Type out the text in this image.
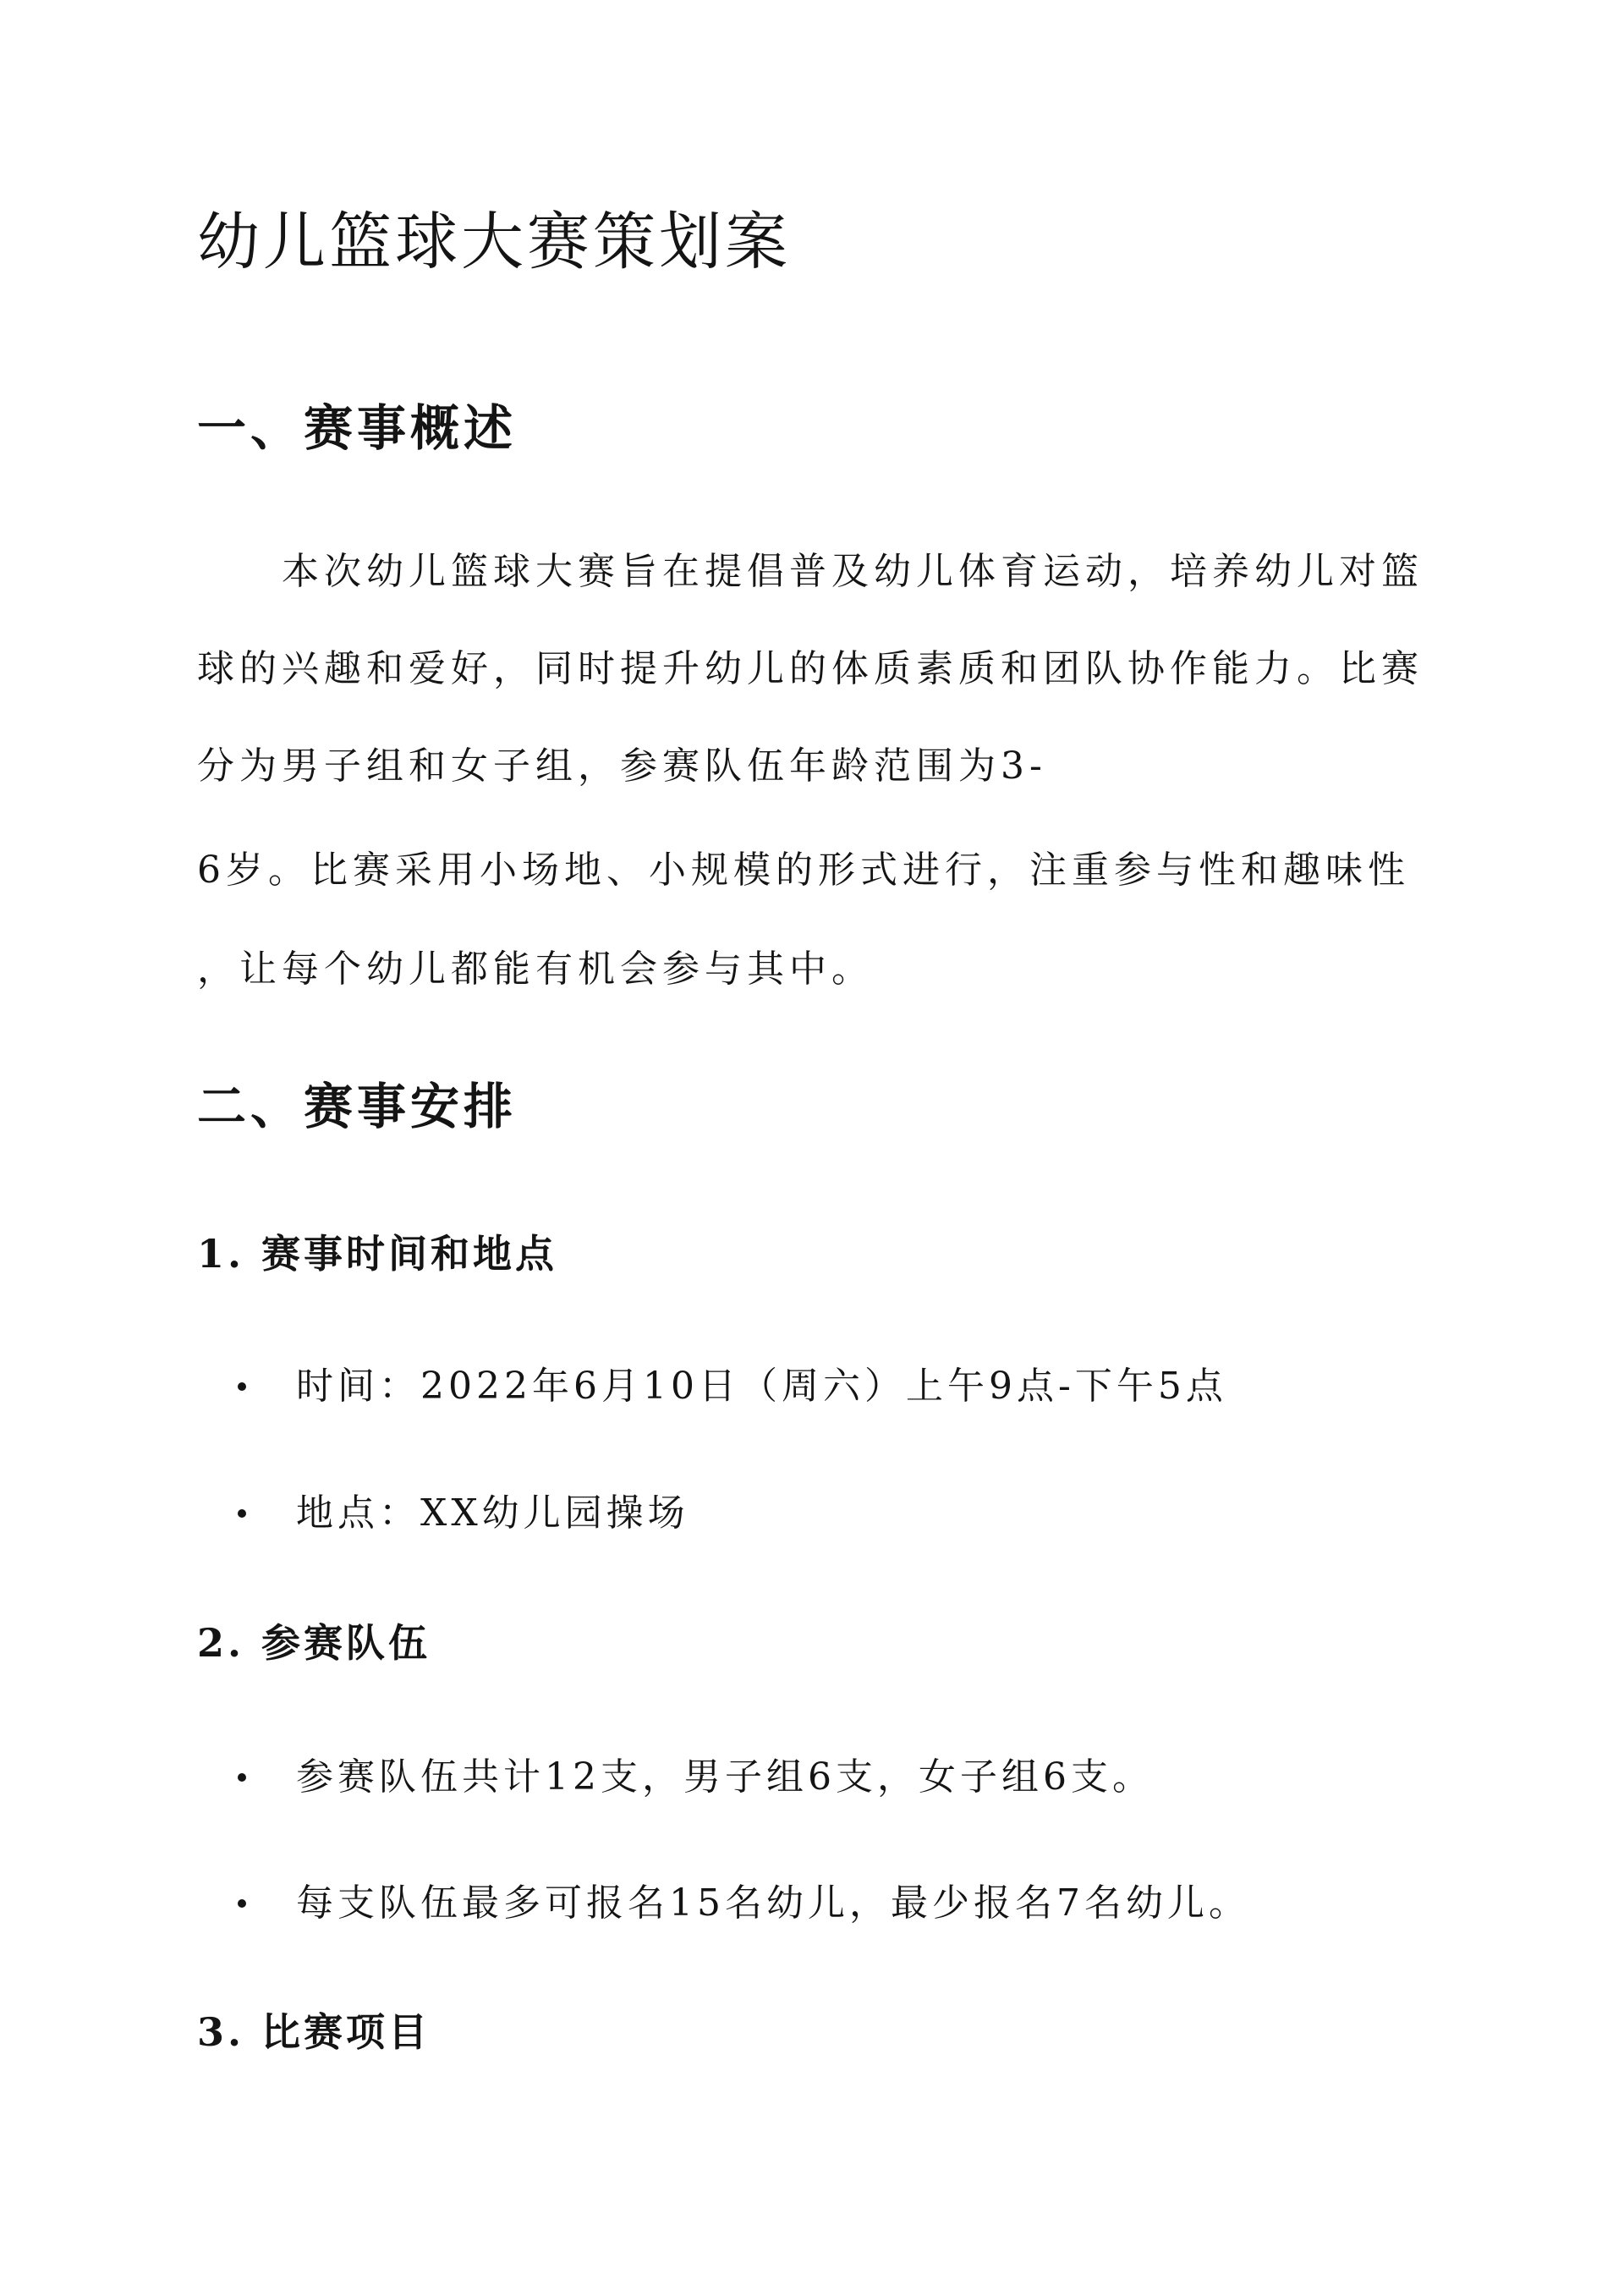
幼儿篮球大赛策划案
一、赛事概述
　　本次幼儿篮球大赛旨在提倡普及幼儿体育运动，培养幼儿对篮
球的兴趣和爱好，同时提升幼儿的体质素质和团队协作能力。比赛
分为男子组和女子组，参赛队伍年龄范围为3-
6岁。比赛采用小场地、小规模的形式进行，注重参与性和趣味性
，让每个幼儿都能有机会参与其中。
二、赛事安排
1. 赛事时间和地点
时间：2022年6月10日（周六）上午9点-下午5点
地点：XX幼儿园操场
2. 参赛队伍
参赛队伍共计12支，男子组6支，女子组6支。
每支队伍最多可报名15名幼儿，最少报名7名幼儿。
3. 比赛项目
